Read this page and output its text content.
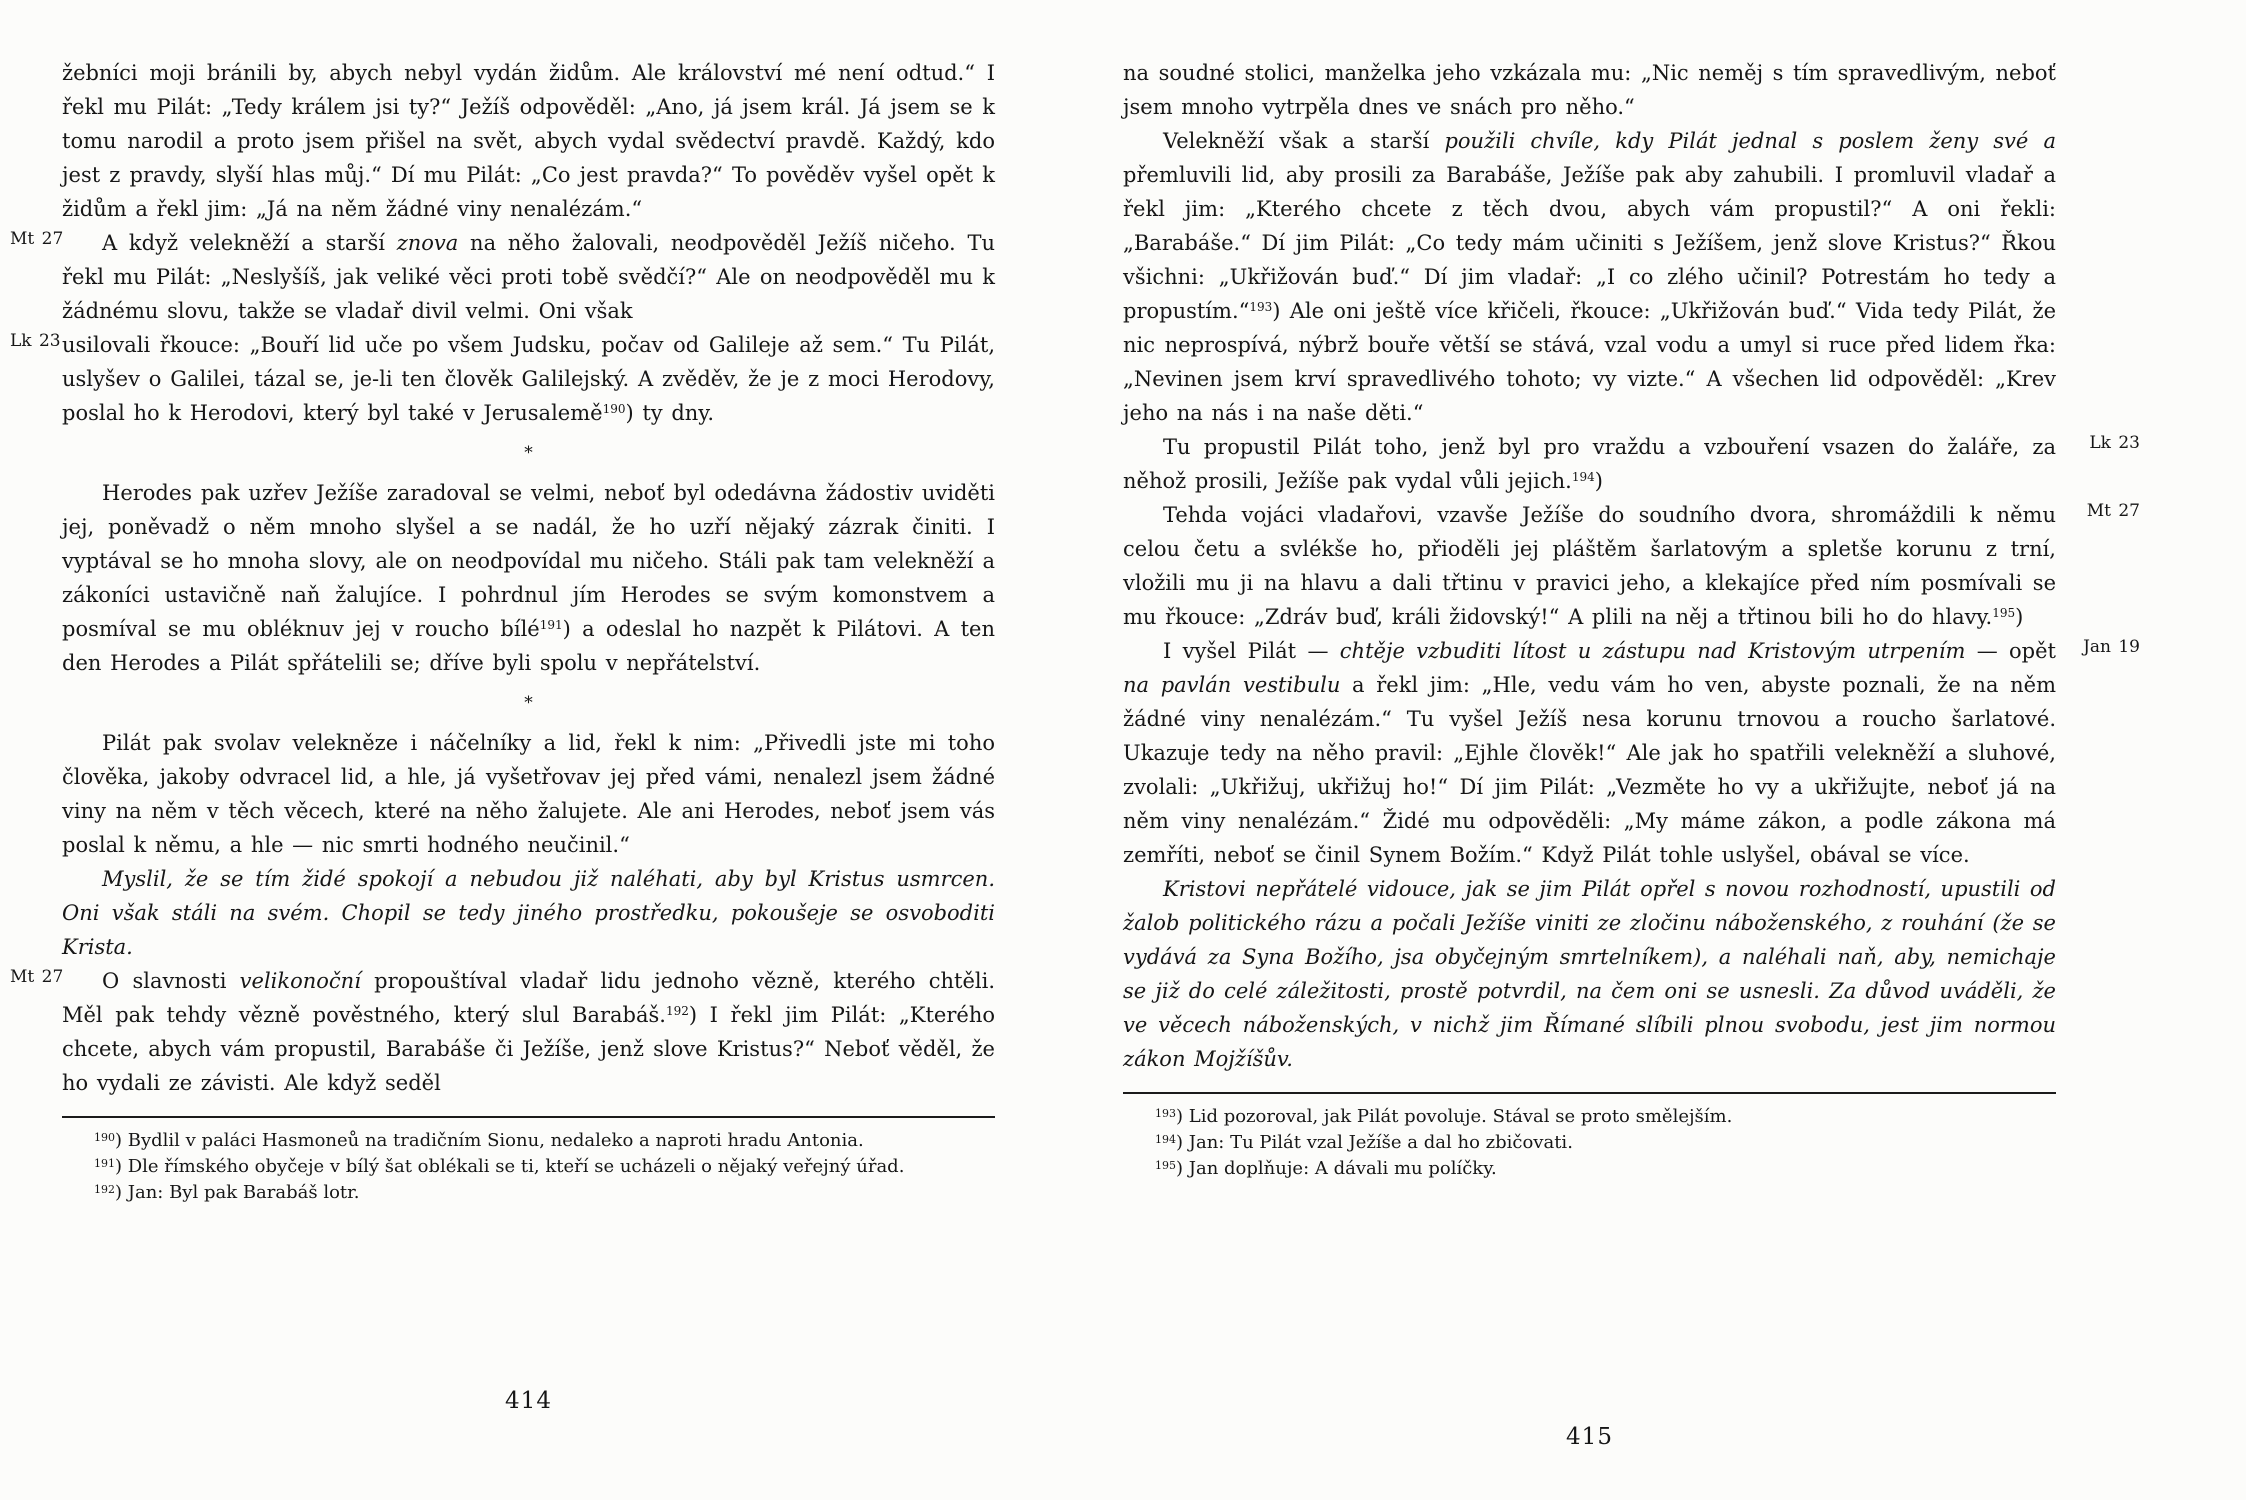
žebníci moji bránili by, abych nebyl vydán židům. Ale království mé není odtud.“ I řekl mu Pilát: „Tedy králem jsi ty?“ Ježíš odpověděl: „Ano, já jsem král. Já jsem se k tomu narodil a proto jsem přišel na svět, abych vydal svědectví pravdě. Každý, kdo jest z pravdy, slyší hlas můj.“ Dí mu Pilát: „Co jest pravda?“ To pověděv vyšel opět k židům a řekl jim: „Já na něm žádné viny nenalézám.“
A když velekněží a starší znova na něho žalovali, neodpověděl Ježíš ničeho. Tu řekl mu Pilát: „Neslyšíš, jak veliké věci proti tobě svědčí?“ Ale on neodpověděl mu k žádnému slovu, takže se vladař divil velmi. Oni však
Mt 27
usilovali řkouce: „Bouří lid uče po všem Judsku, počav od Galileje až sem.“ Tu Pilát, uslyšev o Galilei, tázal se, je-li ten člověk Galilejský. A zvěděv, že je z moci Herodovy, poslal ho k Herodovi, který byl také v Jerusalemě$^{190}$) ty dny.
Lk 23
*
Herodes pak uzřev Ježíše zaradoval se velmi, neboť byl odedávna žádostiv uviděti jej, poněvadž o něm mnoho slyšel a se nadál, že ho uzří nějaký zázrak činiti. I vyptával se ho mnoha slovy, ale on neodpovídal mu ničeho. Stáli pak tam velekněží a zákoníci ustavičně naň žalujíce. I pohrdnul jím Herodes se svým komonstvem a posmíval se mu obléknuv jej v roucho bílé$^{191}$) a odeslal ho nazpět k Pilátovi. A ten den Herodes a Pilát spřátelili se; dříve byli spolu v nepřátelství.
*
Pilát pak svolav velekněze i náčelníky a lid, řekl k nim: „Přivedli jste mi toho člověka, jakoby odvracel lid, a hle, já vyšetřovav jej před vámi, nenalezl jsem žádné viny na něm v těch věcech, které na něho žalujete. Ale ani Herodes, neboť jsem vás poslal k němu, a hle — nic smrti hodného neučinil.“
Myslil, že se tím židé spokojí a nebudou již naléhati, aby byl Kristus usmrcen. Oni však stáli na svém. Chopil se tedy jiného prostředku, pokoušeje se osvoboditi Krista.
O slavnosti velikonoční propouštíval vladař lidu jednoho vězně, kterého chtěli. Měl pak tehdy vězně pověstného, který slul Barabáš.$^{192}$) I řekl jim Pilát: „Kterého chcete, abych vám propustil, Barabáše či Ježíše, jenž slove Kristus?“ Neboť věděl, že ho vydali ze závisti. Ale když seděl
Mt 27
$^{190}$) Bydlil v paláci Hasmoneů na tradičním Sionu, nedaleko a naproti hradu Antonia.
$^{191}$) Dle římského obyčeje v bílý šat oblékali se ti, kteří se ucházeli o nějaký veřejný úřad.
$^{192}$) Jan: Byl pak Barabáš lotr.
na soudné stolici, manželka jeho vzkázala mu: „Nic neměj s tím spravedlivým, neboť jsem mnoho vytrpěla dnes ve snách pro něho.“
Velekněží však a starší použili chvíle, kdy Pilát jednal s poslem ženy své a přemluvili lid, aby prosili za Barabáše, Ježíše pak aby zahubili. I promluvil vladař a řekl jim: „Kterého chcete z těch dvou, abych vám propustil?“ A oni řekli: „Barabáše.“ Dí jim Pilát: „Co tedy mám učiniti s Ježíšem, jenž slove Kristus?“ Řkou všichni: „Ukřižován buď.“ Dí jim vladař: „I co zlého učinil? Potrestám ho tedy a propustím.“$^{193}$) Ale oni ještě více křičeli, řkouce: „Ukřižován buď.“ Vida tedy Pilát, že nic neprospívá, nýbrž bouře větší se stává, vzal vodu a umyl si ruce před lidem řka: „Nevinen jsem krví spravedlivého tohoto; vy vizte.“ A všechen lid odpověděl: „Krev jeho na nás i na naše děti.“
Tu propustil Pilát toho, jenž byl pro vraždu a vzbouření vsazen do žaláře, za něhož prosili, Ježíše pak vydal vůli jejich.$^{194}$)
Lk 23
Tehda vojáci vladařovi, vzavše Ježíše do soudního dvora, shromáždili k němu celou četu a svlékše ho, přioděli jej pláštěm šarlatovým a spletše korunu z trní, vložili mu ji na hlavu a dali třtinu v pravici jeho, a klekajíce před ním posmívali se mu řkouce: „Zdráv buď, králi židovský!“ A plili na něj a třtinou bili ho do hlavy.$^{195}$)
Mt 27
I vyšel Pilát — chtěje vzbuditi lítost u zástupu nad Kristovým utrpením — opět na pavlán vestibulu a řekl jim: „Hle, vedu vám ho ven, abyste poznali, že na něm žádné viny nenalézám.“ Tu vyšel Ježíš nesa korunu trnovou a roucho šarlatové. Ukazuje tedy na něho pravil: „Ejhle člověk!“ Ale jak ho spatřili velekněží a sluhové, zvolali: „Ukřižuj, ukřižuj ho!“ Dí jim Pilát: „Vezměte ho vy a ukřižujte, neboť já na něm viny nenalézám.“ Židé mu odpověděli: „My máme zákon, a podle zákona má zemříti, neboť se činil Synem Božím.“ Když Pilát tohle uslyšel, obával se více.
Jan 19
Kristovi nepřátelé vidouce, jak se jim Pilát opřel s novou rozhodností, upustili od žalob politického rázu a počali Ježíše viniti ze zločinu náboženského, z rouhání (že se vydává za Syna Božího, jsa obyčejným smrtelníkem), a naléhali naň, aby, nemichaje se již do celé záležitosti, prostě potvrdil, na čem oni se usnesli. Za důvod uváděli, že ve věcech náboženských, v nichž jim Římané slíbili plnou svobodu, jest jim normou zákon Mojžíšův.
$^{193}$) Lid pozoroval, jak Pilát povoluje. Stával se proto smělejším.
$^{194}$) Jan: Tu Pilát vzal Ježíše a dal ho zbičovati.
$^{195}$) Jan doplňuje: A dávali mu políčky.
414
415
